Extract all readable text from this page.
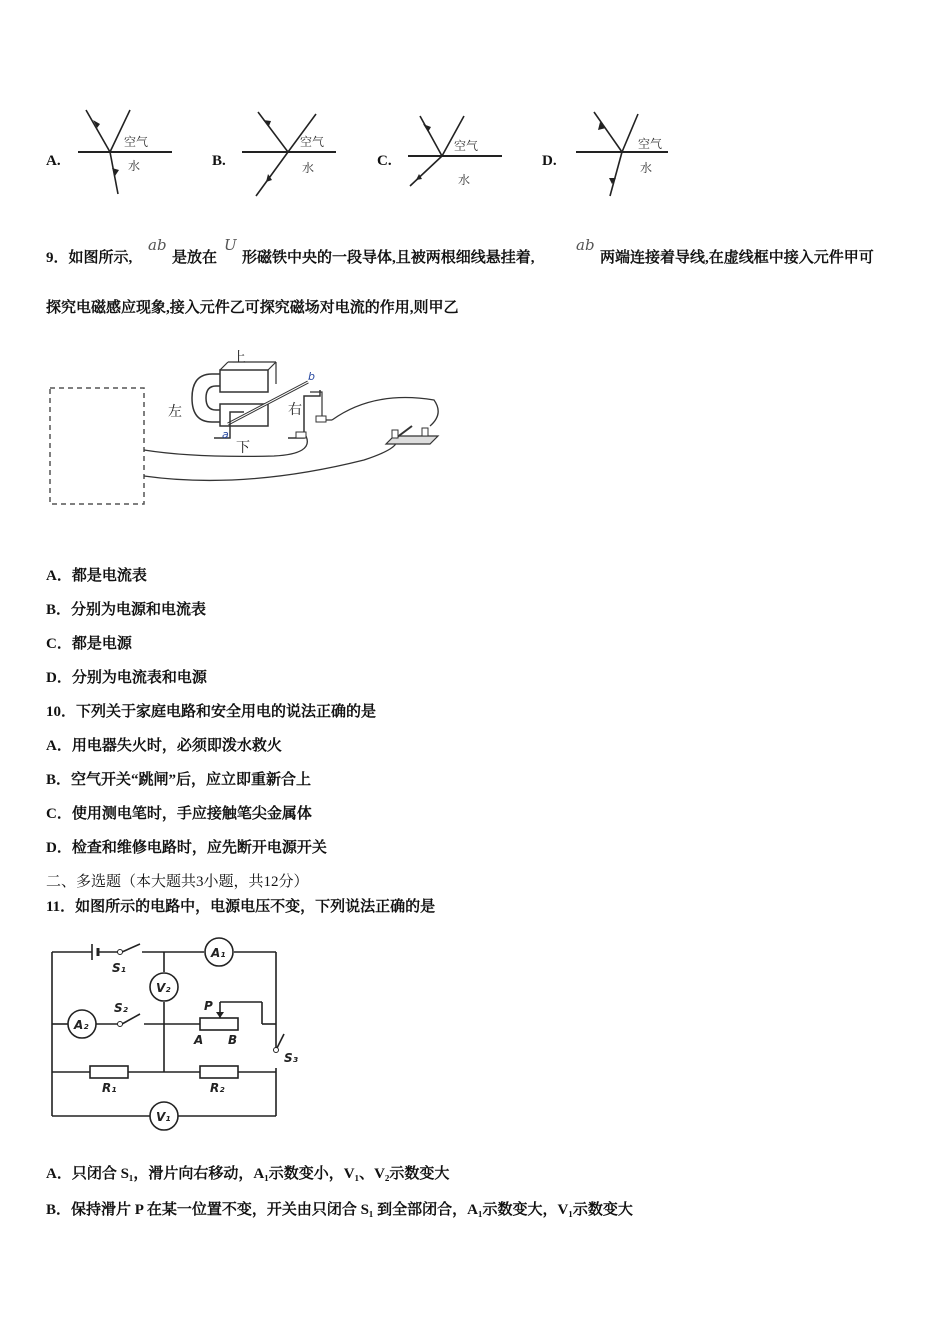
A.
空气
水	B.
空气
水	C.
空气
水
D.
空气
水
9．如图所示,
ab
是放在
U
形磁铁中央的一段导体,且被两根细线悬挂着,
ab
两端连接着导线,在虚线框中接入元件甲可
探究电磁感应现象,接入元件乙可探究磁场对电流的作用,则甲乙
上
左	右
下
a
b
A．都是电流表
B．分别为电源和电流表
C．都是电源
D．分别为电流表和电源
10．下列关于家庭电路和安全用电的说法正确的是
A．用电器失火时，必须即泼水救火
B．空气开关“跳闸”后，应立即重新合上
C．使用测电笔时，手应接触笔尖金属体
D．检查和维修电路时，应先断开电源开关
二、多选题（本大题共3小题，共12分）
11．如图所示的电路中，电源电压不变，下列说法正确的是
A₁
V₂
A₂
V₁
S₁
S₂
S₃
P
A B
R₁	R₂
A．只闭合 S₁，滑片向右移动，A₁示数变小，V₁、V₂示数变大
B．保持滑片 P 在某一位置不变，开关由只闭合 S₁ 到全部闭合，A₁示数变大，V₁示数变大
